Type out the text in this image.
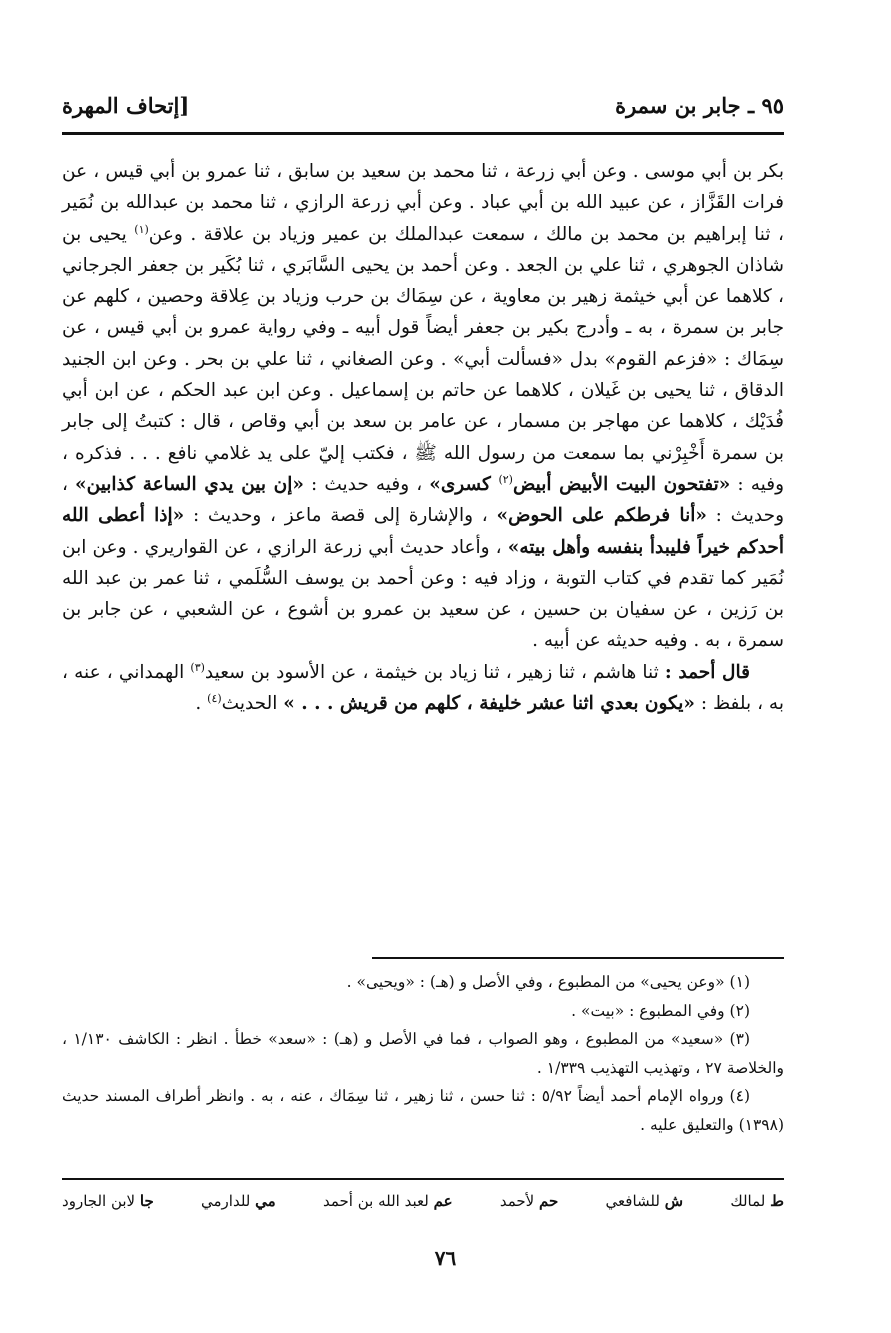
٩٥ ـ جابر بن سمرة
[إتحاف المهرة

بكر بن أبي موسى . وعن أبي زرعة ، ثنا محمد بن سعيد بن سابق ، ثنا عمرو بن أبي قيس ، عن فرات القَزَّاز ، عن عبيد الله بن أبي عباد . وعن أبي زرعة الرازي ، ثنا محمد بن عبدالله بن نُمَير ، ثنا إبراهيم بن محمد بن مالك ، سمعت عبدالملك بن عمير وزياد بن علاقة . وعن$^{(١)}$ يحيى بن شاذان الجوهري ، ثنا علي بن الجعد . وعن أحمد بن يحيى السَّابَري ، ثنا بُكَير بن جعفر الجرجاني ، كلاهما عن أبي خيثمة زهير بن معاوية ، عن سِمَاك بن حرب وزياد بن عِلاقة وحصين ، كلهم عن جابر بن سمرة ، به ـ وأدرج بكير بن جعفر أيضاً قول أبيه ـ وفي رواية عمرو بن أبي قيس ، عن سِمَاك : «فزعم القوم» بدل «فسألت أبي» . وعن الصغاني ، ثنا علي بن بحر . وعن ابن الجنيد الدقاق ، ثنا يحيى بن غَيلان ، كلاهما عن حاتم بن إسماعيل . وعن ابن عبد الحكم ، عن ابن أبي فُدَيْك ، كلاهما عن مهاجر بن مسمار ، عن عامر بن سعد بن أبي وقاص ، قال : كتبتُ إلى جابر بن سمرة أَخْبِرْني بما سمعت من رسول الله ﷺ ، فكتب إليّ على يد غلامي نافع . . . فذكره ، وفيه : «تفتحون البيت الأبيض أبيض$^{(٢)}$ كسرى» ، وفيه حديث : «إن بين يدي الساعة كذابين» ، وحديث : «أنا فرطكم على الحوض» ، والإشارة إلى قصة ماعز ، وحديث : «إذا أعطى الله أحدكم خيراً فليبدأ بنفسه وأهل بيته» ، وأعاد حديث أبي زرعة الرازي ، عن القواريري . وعن ابن نُمَير كما تقدم في كتاب التوبة ، وزاد فيه : وعن أحمد بن يوسف السُّلَمي ، ثنا عمر بن عبد الله بن رَزين ، عن سفيان بن حسين ، عن سعيد بن عمرو بن أشوع ، عن الشعبي ، عن جابر بن سمرة ، به . وفيه حديثه عن أبيه .

قال أحمد : ثنا هاشم ، ثنا زهير ، ثنا زياد بن خيثمة ، عن الأسود بن سعيد$^{(٣)}$ الهمداني ، عنه ، به ، بلفظ : «يكون بعدي اثنا عشر خليفة ، كلهم من قريش . . . » الحديث$^{(٤)}$ .

(١) «وعن يحيى» من المطبوع ، وفي الأصل و (هـ) : «ويحيى» .

(٢) وفي المطبوع : «بيت» .

(٣) «سعيد» من المطبوع ، وهو الصواب ، فما في الأصل و (هـ) : «سعد» خطأ . انظر : الكاشف ١/١٣٠ ، والخلاصة ٢٧ ، وتهذيب التهذيب ١/٣٣٩ .

(٤) ورواه الإمام أحمد أيضاً ٥/٩٢ : ثنا حسن ، ثنا زهير ، ثنا سِمَاك ، عنه ، به . وانظر أطراف المسند حديث (١٣٩٨) والتعليق عليه .

ط لمالك
ش للشافعي
حم لأحمد
عم لعبد الله بن أحمد
مي للدارمي
جا لابن الجارود
٧٦
